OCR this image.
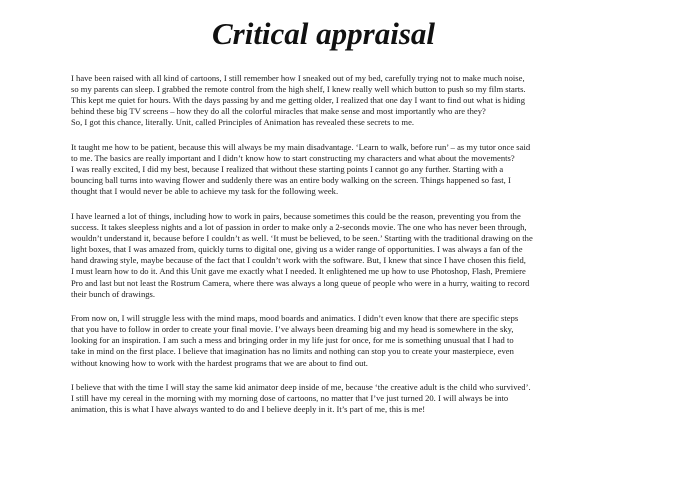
Critical appraisal

I have been raised with all kind of cartoons, I still remember how I sneaked out of my bed, carefully trying not to make much noise,
so my parents can sleep. I grabbed the remote control from the high shelf, I knew really well which button to push so my film starts.
This kept me quiet for hours. With the days passing by and me getting older, I realized that one day I want to find out what is hiding
behind these big TV screens – how they do all the colorful miracles that make sense and most importantly who are they?
So, I got this chance, literally. Unit, called Principles of Animation has revealed these secrets to me.

It taught me how to be patient, because this will always be my main disadvantage. ‘Learn to walk, before run’ – as my tutor once said
to me. The basics are really important and I didn’t know how to start constructing my characters and what about the movements?
I was really excited, I did my best, because I realized that without these starting points I cannot go any further. Starting with a
bouncing ball turns into waving flower and suddenly there was an entire body walking on the screen. Things happened so fast, I
thought that I would never be able to achieve my task for the following week.

I have learned a lot of things, including how to work in pairs, because sometimes this could be the reason, preventing you from the
success. It takes sleepless nights and a lot of passion in order to make only a 2-seconds movie. The one who has never been through,
wouldn’t understand it, because before I couldn’t as well. ‘It must be believed, to be seen.’ Starting with the traditional drawing on the
light boxes, that I was amazed from, quickly turns to digital one, giving us a wider range of opportunities. I was always a fan of the
hand drawing style, maybe because of the fact that I couldn’t work with the software. But, I knew that since I have chosen this field,
I must learn how to do it. And this Unit gave me exactly what I needed. It enlightened me up how to use Photoshop, Flash, Premiere
Pro and last but not least the Rostrum Camera, where there was always a long queue of people who were in a hurry, waiting to record
their bunch of drawings.

From now on, I will struggle less with the mind maps, mood boards and animatics. I didn’t even know that there are specific steps
that you have to follow in order to create your final movie. I’ve always been dreaming big and my head is somewhere in the sky,
looking for an inspiration. I am such a mess and bringing order in my life just for once, for me is something unusual that I had to
take in mind on the first place. I believe that imagination has no limits and nothing can stop you to create your masterpiece, even
without knowing how to work with the hardest programs that we are about to find out.

I believe that with the time I will stay the same kid animator deep inside of me, because ‘the creative adult is the child who survived’.
I still have my cereal in the morning with my morning dose of cartoons, no matter that I’ve just turned 20. I will always be into
animation, this is what I have always wanted to do and I believe deeply in it. It’s part of me, this is me!
